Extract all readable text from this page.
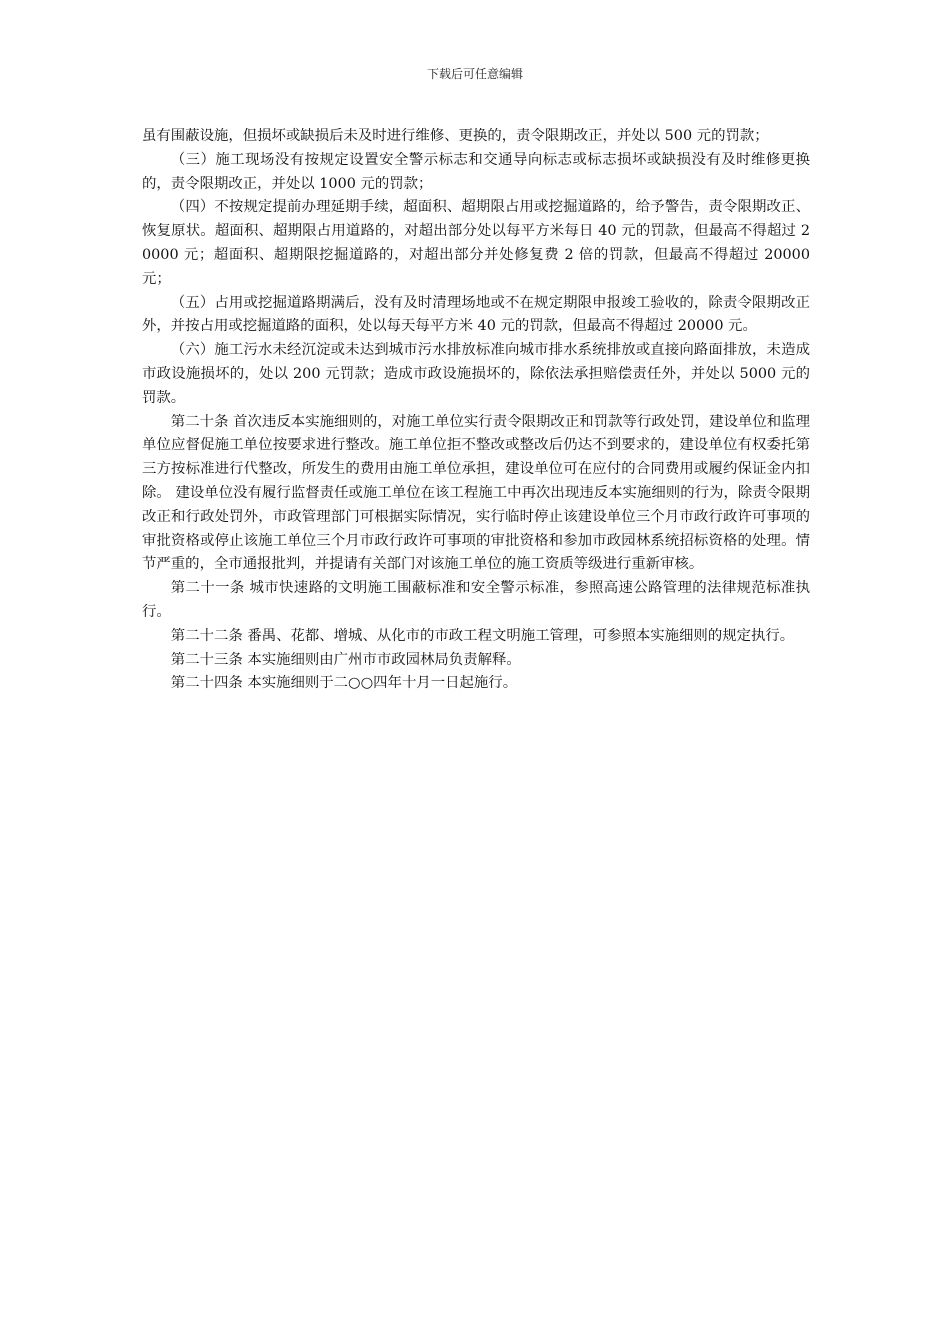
下载后可任意编辑

虽有围蔽设施，但损坏或缺损后未及时进行维修、更换的，责令限期改正，并处以 500 元的罚款；

（三）施工现场没有按规定设置安全警示标志和交通导向标志或标志损坏或缺损没有及时维修更换的，责令限期改正，并处以 1000 元的罚款；

（四）不按规定提前办理延期手续，超面积、超期限占用或挖掘道路的，给予警告，责令限期改正、恢复原状。超面积、超期限占用道路的，对超出部分处以每平方米每日 40 元的罚款，但最高不得超过 20000 元；超面积、超期限挖掘道路的，对超出部分并处修复费 2 倍的罚款，但最高不得超过 20000 元；

（五）占用或挖掘道路期满后，没有及时清理场地或不在规定期限申报竣工验收的，除责令限期改正外，并按占用或挖掘道路的面积，处以每天每平方米 40 元的罚款，但最高不得超过 20000 元。

（六）施工污水未经沉淀或未达到城市污水排放标准向城市排水系统排放或直接向路面排放，未造成市政设施损坏的，处以 200 元罚款；造成市政设施损坏的，除依法承担赔偿责任外，并处以 5000 元的罚款。

第二十条 首次违反本实施细则的，对施工单位实行责令限期改正和罚款等行政处罚，建设单位和监理单位应督促施工单位按要求进行整改。施工单位拒不整改或整改后仍达不到要求的，建设单位有权委托第三方按标准进行代整改，所发生的费用由施工单位承担，建设单位可在应付的合同费用或履约保证金内扣除。 建设单位没有履行监督责任或施工单位在该工程施工中再次出现违反本实施细则的行为，除责令限期改正和行政处罚外，市政管理部门可根据实际情况，实行临时停止该建设单位三个月市政行政许可事项的审批资格或停止该施工单位三个月市政行政许可事项的审批资格和参加市政园林系统招标资格的处理。情节严重的，全市通报批判，并提请有关部门对该施工单位的施工资质等级进行重新审核。

第二十一条 城市快速路的文明施工围蔽标准和安全警示标准，参照高速公路管理的法律规范标准执行。

第二十二条 番禺、花都、增城、从化市的市政工程文明施工管理，可参照本实施细则的规定执行。

第二十三条 本实施细则由广州市市政园林局负责解释。

第二十四条 本实施细则于二○○四年十月一日起施行。
